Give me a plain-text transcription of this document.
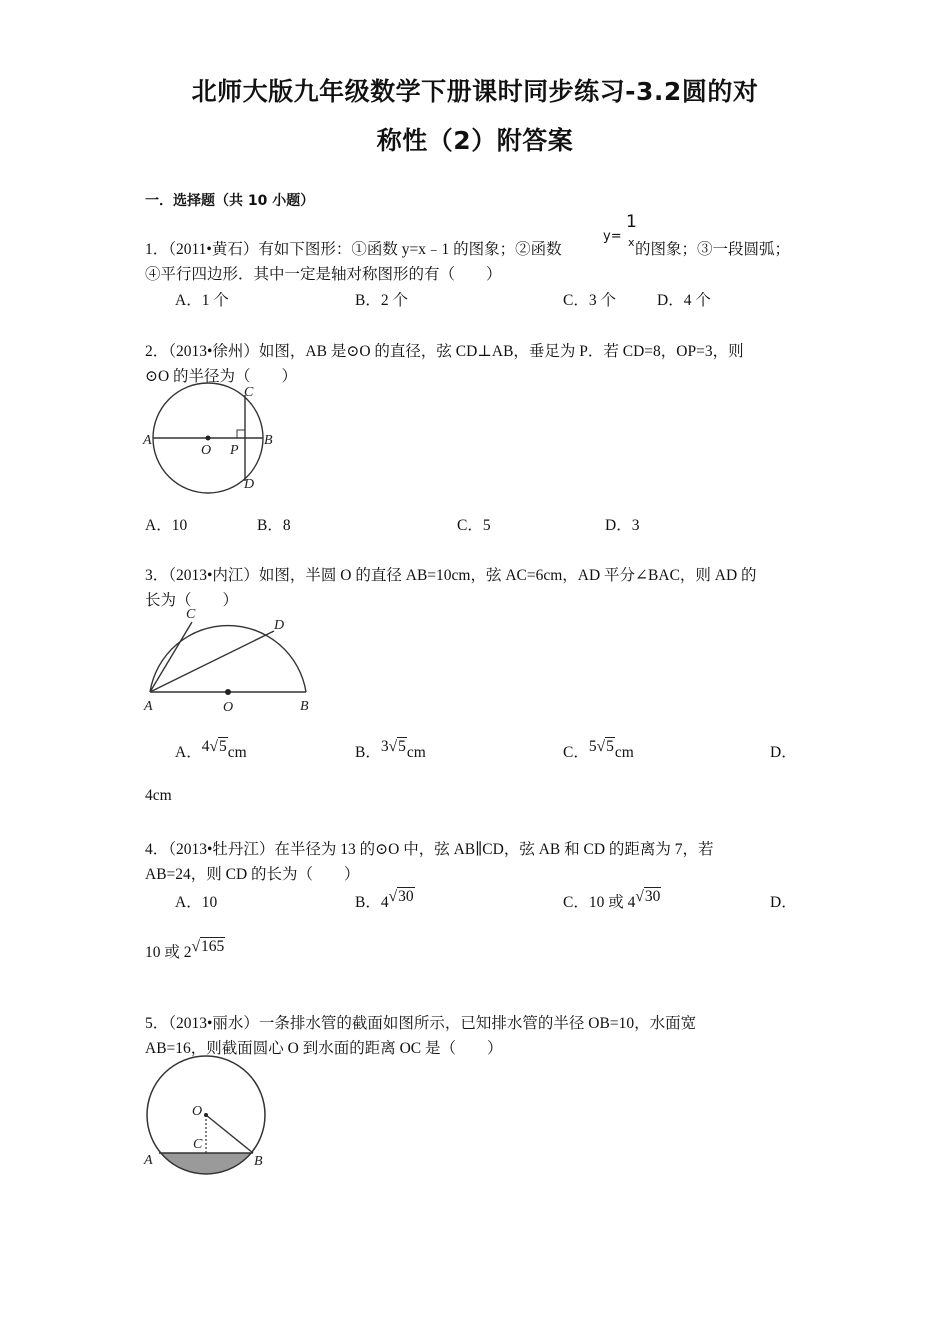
北师大版九年级数学下册课时同步练习-3.2圆的对
称性（2）附答案
一．选择题（共 10 小题）
1．（2011•黄石）有如下图形：①函数 y=x﹣1 的图象；②函数
y=
1
x 的图象；③一段圆弧；
④平行四边形．其中一定是轴对称图形的有（　　）
A．1 个	B．2 个	C．3 个	D．4 个
2．（2013•徐州）如图，AB 是⊙O 的直径，弦 CD⊥AB，垂足为 P．若 CD=8，OP=3，则
⊙O 的半径为（　　）
A	B
C
D
O P
A．10	B．8	C．5	D．3
3．（2013•内江）如图，半圆 O 的直径 AB=10cm，弦 AC=6cm，AD 平分∠BAC，则 AD 的
长为（　　）
A	B
C
D
O
A．4√5cm	B．3√5cm	C．5√5cm	D．
4cm
4．（2013•牡丹江）在半径为 13 的⊙O 中，弦 AB∥CD，弦 AB 和 CD 的距离为 7，若
AB=24，则 CD 的长为（　　）
A．10	B．4√30	C．10 或 4√30	D．
10 或 2√165
5．（2013•丽水）一条排水管的截面如图所示，已知排水管的半径 OB=10，水面宽
AB=16，则截面圆心 O 到水面的距离 OC 是（　　）
O
C
A	B
